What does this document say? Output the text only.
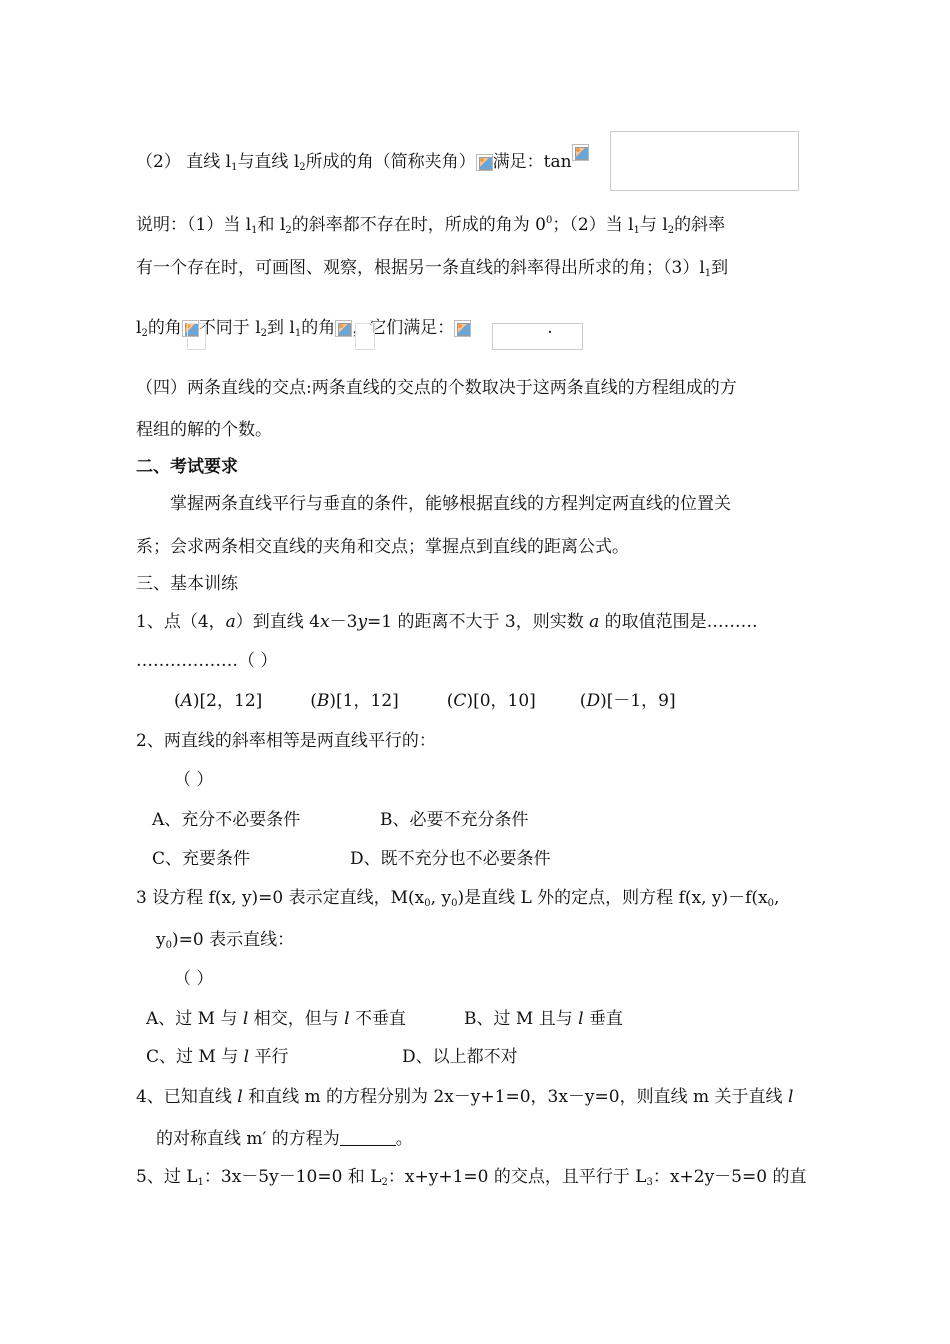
（2） 直线 $l_1$与直线 $l_2$所成的角（简称夹角） 满足：tan
说明：（1）当 $l_1$和 $l_2$的斜率都不存在时，所成的角为 $0^0$；（2）当 $l_1$与 $l_2$的斜率
有一个存在时，可画图、观察，根据另一条直线的斜率得出所求的角；$(3)l_1$到
$l_2$的角 不同于 $l_2$到 $l_1$的角 ，它们满足：	.
（四）两条直线的交点:两条直线的交点的个数取决于这两条直线的方程组成的方
程组的解的个数。
二、考试要求
　　掌握两条直线平行与垂直的条件，能够根据直线的方程判定两直线的位置关
系；会求两条相交直线的夹角和交点；掌握点到直线的距离公式。
三、基本训练
1、点（4，a）到直线 4x－3y=1 的距离不大于 3，则实数 a 的取值范围是………
………………（ ）
(A)[2，12]	(B)[1，12]	(C)[0，10]	(D)[－1，9]
2、两直线的斜率相等是两直线平行的：
（ ）
A、充分不必要条件	B、必要不充分条件
C、充要条件	D、既不充分也不必要条件
3 设方程 f(x, y)=0 表示定直线，$M(x_0$, $y_0$)是直线 L 外的定点，则方程 f(x, $y)-f(x_0$,
$y_0)=0$ 表示直线：
（ ）
A、过 M 与 l 相交，但与 l 不垂直	B、过 M 且与 l 垂直
C、过 M 与 l 平行	D、以上都不对
4、已知直线 l 和直线 m 的方程分别为 2x－y+1=0，3x－y=0，则直线 m 关于直线 l
的对称直线 m′ 的方程为	。
5、过 $L_1$：3x－5y－10=0 和 $L_2$：x+y+1=0 的交点，且平行于 $L_3$：x+2y－5=0 的直
